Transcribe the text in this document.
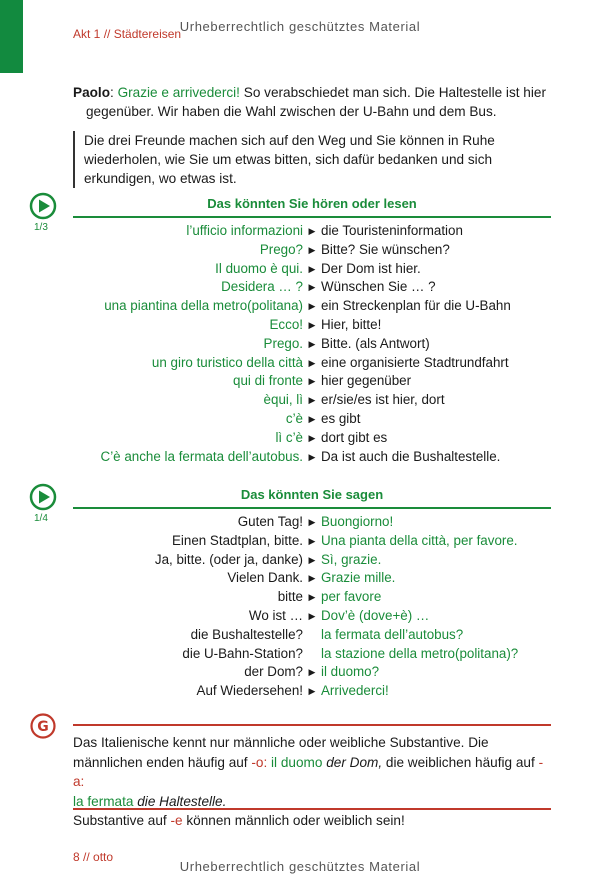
Urheberrechtlich geschütztes Material
Akt 1 // Städtereisen
Paolo: Grazie e arrivederci! So verabschiedet man sich. Die Haltestelle ist hier gegenüber. Wir haben die Wahl zwischen der U-Bahn und dem Bus.
Die drei Freunde machen sich auf den Weg und Sie können in Ruhe wiederholen, wie Sie um etwas bitten, sich dafür bedanken und sich erkundigen, wo etwas ist.
1/3
Das könnten Sie hören oder lesen
l’ufficio informazioni ▶ die Touristeninformation
Prego? ▶ Bitte? Sie wünschen?
Il duomo è qui. ▶ Der Dom ist hier.
Desidera … ? ▶ Wünschen Sie … ?
una piantina della metro(politana) ▶ ein Streckenplan für die U-Bahn
Ecco! ▶ Hier, bitte!
Prego. ▶ Bitte. (als Antwort)
un giro turistico della città ▶ eine organisierte Stadtrundfahrt
qui di fronte ▶ hier gegenüber
èqui, lì ▶ er/sie/es ist hier, dort
c’è ▶ es gibt
lì c’è ▶ dort gibt es
C’è anche la fermata dell’autobus. ▶ Da ist auch die Bushaltestelle.
1/4
Das könnten Sie sagen
Guten Tag! ▶ Buongiorno!
Einen Stadtplan, bitte. ▶ Una pianta della città, per favore.
Ja, bitte. (oder ja, danke) ▶ Sì, grazie.
Vielen Dank. ▶ Grazie mille.
bitte ▶ per favore
Wo ist … ▶ Dov’è (dove+è) …
die Bushaltestelle? la fermata dell’autobus?
die U-Bahn-Station? la stazione della metro(politana)?
der Dom? ▶ il duomo?
Auf Wiedersehen! ▶ Arrivederci!
G
Das Italienische kennt nur männliche oder weibliche Substantive. Die männlichen enden häufig auf -o: il duomo der Dom, die weiblichen häufig auf -a:
la fermata die Haltestelle.
Substantive auf -e können männlich oder weiblich sein!
8 // otto
Urheberrechtlich geschütztes Material
